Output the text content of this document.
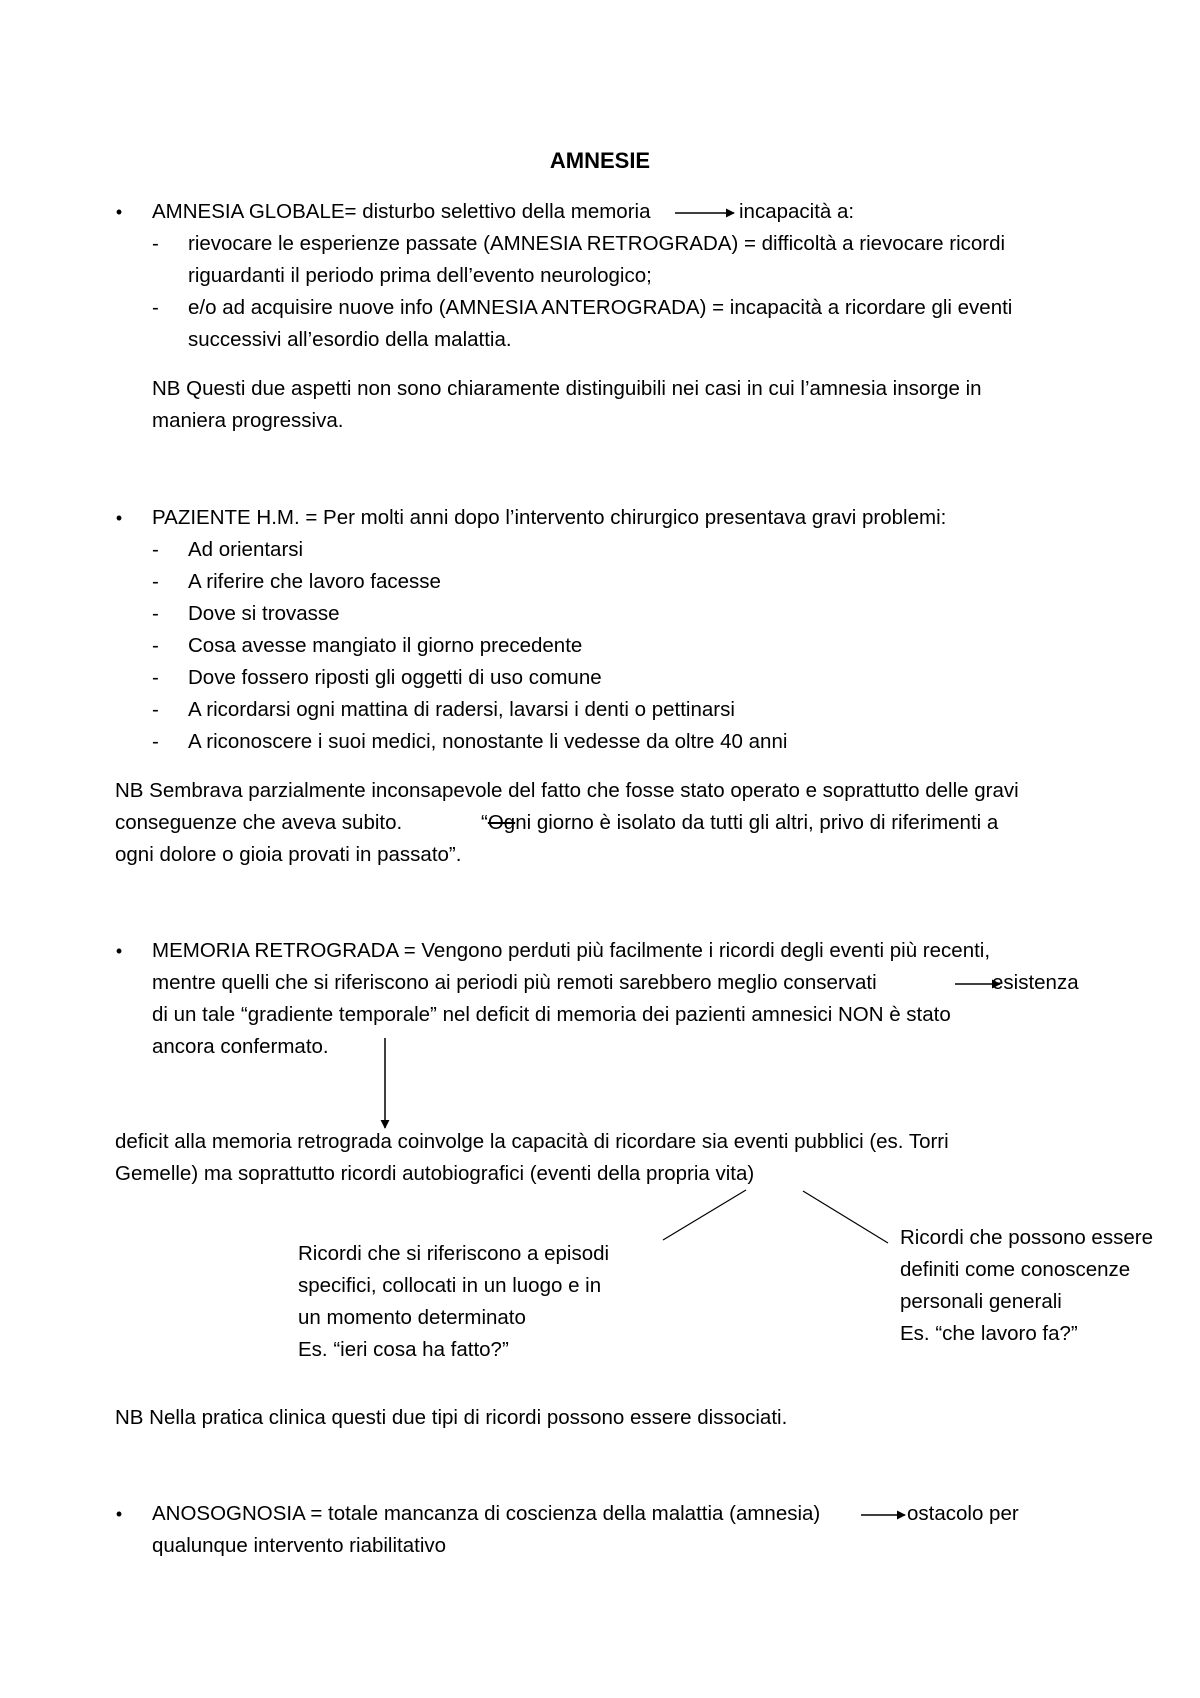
AMNESIE
• AMNESIA GLOBALE= disturbo selettivo della memoria	incapacità a:
- rievocare le esperienze passate (AMNESIA RETROGRADA) = difficoltà a rievocare ricordi
riguardanti il periodo prima dell’evento neurologico;
- e/o ad acquisire nuove info (AMNESIA ANTEROGRADA) = incapacità a ricordare gli eventi
successivi all’esordio della malattia.
NB Questi due aspetti non sono chiaramente distinguibili nei casi in cui l’amnesia insorge in
maniera progressiva.
• PAZIENTE H.M. = Per molti anni dopo l’intervento chirurgico presentava gravi problemi:
- Ad orientarsi
- A riferire che lavoro facesse
- Dove si trovasse
- Cosa avesse mangiato il giorno precedente
- Dove fossero riposti gli oggetti di uso comune
- A ricordarsi ogni mattina di radersi, lavarsi i denti o pettinarsi
- A riconoscere i suoi medici, nonostante li vedesse da oltre 40 anni
NB Sembrava parzialmente inconsapevole del fatto che fosse stato operato e soprattutto delle gravi
conseguenze che aveva subito.	“Ogni giorno è isolato da tutti gli altri, privo di riferimenti a
ogni dolore o gioia provati in passato”.
• MEMORIA RETROGRADA = Vengono perduti più facilmente i ricordi degli eventi più recenti,
mentre quelli che si riferiscono ai periodi più remoti sarebbero meglio conservati	esistenza
di un tale “gradiente temporale” nel deficit di memoria dei pazienti amnesici NON è stato
ancora confermato.
deficit alla memoria retrograda coinvolge la capacità di ricordare sia eventi pubblici (es. Torri
Gemelle) ma soprattutto ricordi autobiografici (eventi della propria vita)
Ricordi che si riferiscono a episodi
specifici, collocati in un luogo e in
un momento determinato
Es. “ieri cosa ha fatto?”
Ricordi che possono essere
definiti come conoscenze
personali generali
Es. “che lavoro fa?”
NB Nella pratica clinica questi due tipi di ricordi possono essere dissociati.
• ANOSOGNOSIA = totale mancanza di coscienza della malattia (amnesia)	ostacolo per
qualunque intervento riabilitativo
